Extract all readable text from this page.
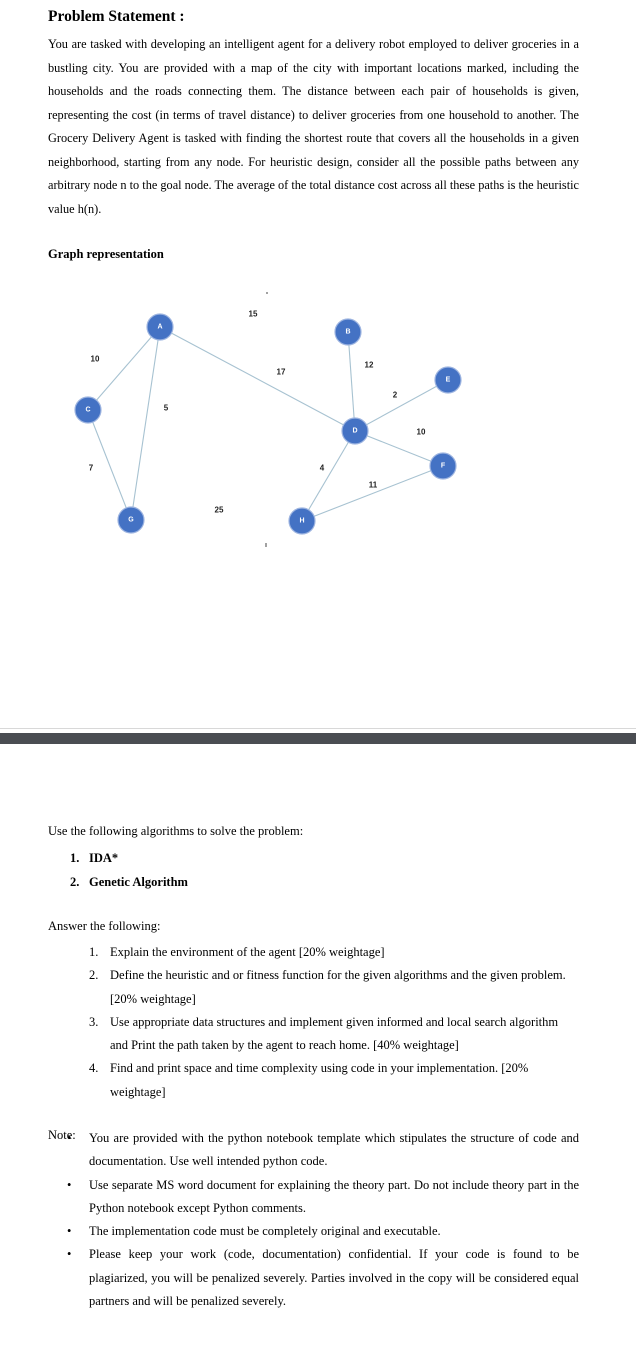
Problem Statement :
You are tasked with developing an intelligent agent for a delivery robot employed to deliver groceries in a bustling city. You are provided with a map of the city with important locations marked, including the households and the roads connecting them. The distance between each pair of households is given, representing the cost (in terms of travel distance) to deliver groceries from one household to another. The Grocery Delivery Agent is tasked with finding the shortest route that covers all the households in a given neighborhood, starting from any node. For heuristic design, consider all the possible paths between any arbitrary node n to the goal node. The average of the total distance cost across all these paths is the heuristic value h(n).
Graph representation
15
25
10
5
17
12
7
2
10
4
11
A
B
C
D
E
F
G	H
Use the following algorithms to solve the problem:
1. IDA*
2. Genetic Algorithm
Answer the following:
1. Explain the environment of the agent [20% weightage]
2. Define the heuristic and or fitness function for the given algorithms and the given problem. [20% weightage]
3. Use appropriate data structures and implement given informed and local search algorithm and Print the path taken by the agent to reach home. [40% weightage]
4. Find and print space and time complexity using code in your implementation. [20% weightage]
Note:
•	You are provided with the python notebook template which stipulates the structure of code and documentation. Use well intended python code.
• Use separate MS word document for explaining the theory part. Do not include theory part in the Python notebook except Python comments.
• The implementation code must be completely original and executable.
• Please keep your work (code, documentation) confidential. If your code is found to be plagiarized, you will be penalized severely. Parties involved in the copy will be considered equal partners and will be penalized severely.
